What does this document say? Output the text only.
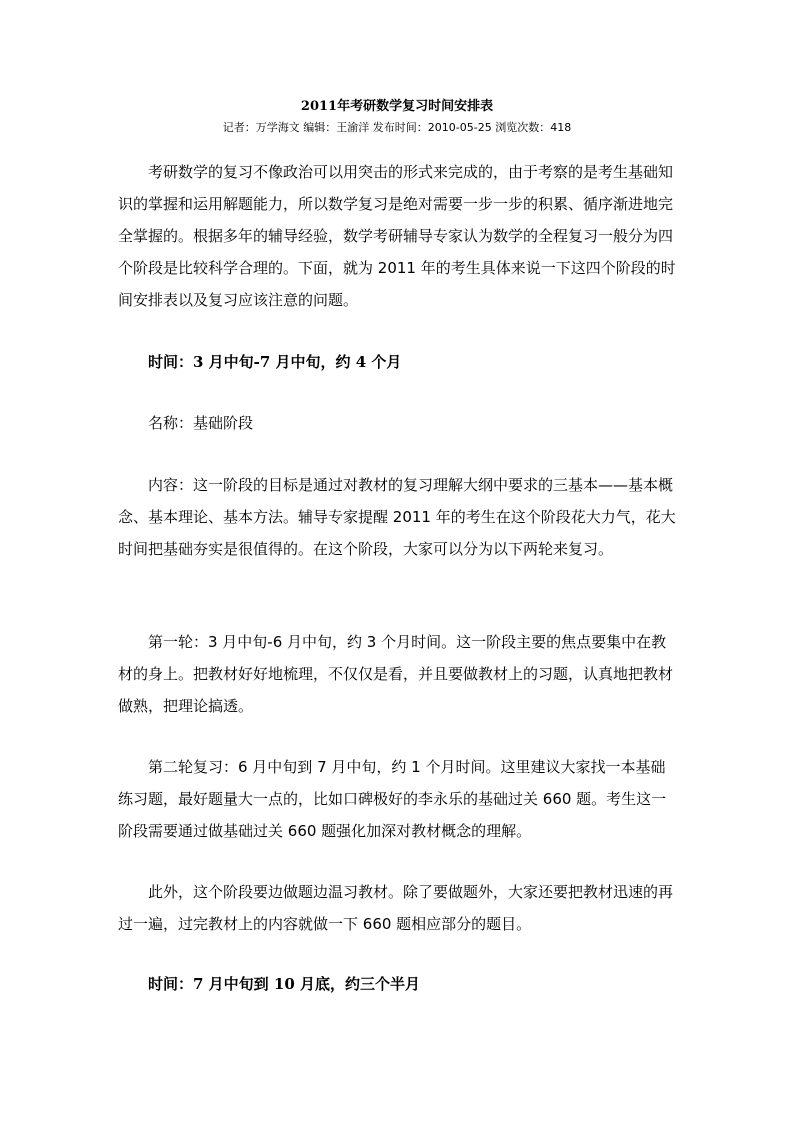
2011年考研数学复习时间安排表
记者：万学海文 编辑：王渝洋 发布时间：2010-05-25 浏览次数：418

考研数学的复习不像政治可以用突击的形式来完成的，由于考察的是考生基础知识的掌握和运用解题能力，所以数学复习是绝对需要一步一步的积累、循序渐进地完全掌握的。根据多年的辅导经验，数学考研辅导专家认为数学的全程复习一般分为四个阶段是比较科学合理的。下面，就为 2011 年的考生具体来说一下这四个阶段的时间安排表以及复习应该注意的问题。

时间：3 月中旬-7 月中旬，约 4 个月

名称：基础阶段

内容：这一阶段的目标是通过对教材的复习理解大纲中要求的三基本——基本概念、基本理论、基本方法。辅导专家提醒 2011 年的考生在这个阶段花大力气，花大时间把基础夯实是很值得的。在这个阶段，大家可以分为以下两轮来复习。

第一轮：3 月中旬-6 月中旬，约 3 个月时间。这一阶段主要的焦点要集中在教材的身上。把教材好好地梳理，不仅仅是看，并且要做教材上的习题，认真地把教材做熟，把理论搞透。

第二轮复习：6 月中旬到 7 月中旬，约 1 个月时间。这里建议大家找一本基础练习题，最好题量大一点的，比如口碑极好的李永乐的基础过关 660 题。考生这一阶段需要通过做基础过关 660 题强化加深对教材概念的理解。

此外，这个阶段要边做题边温习教材。除了要做题外，大家还要把教材迅速的再过一遍，过完教材上的内容就做一下 660 题相应部分的题目。

时间：7 月中旬到 10 月底，约三个半月
